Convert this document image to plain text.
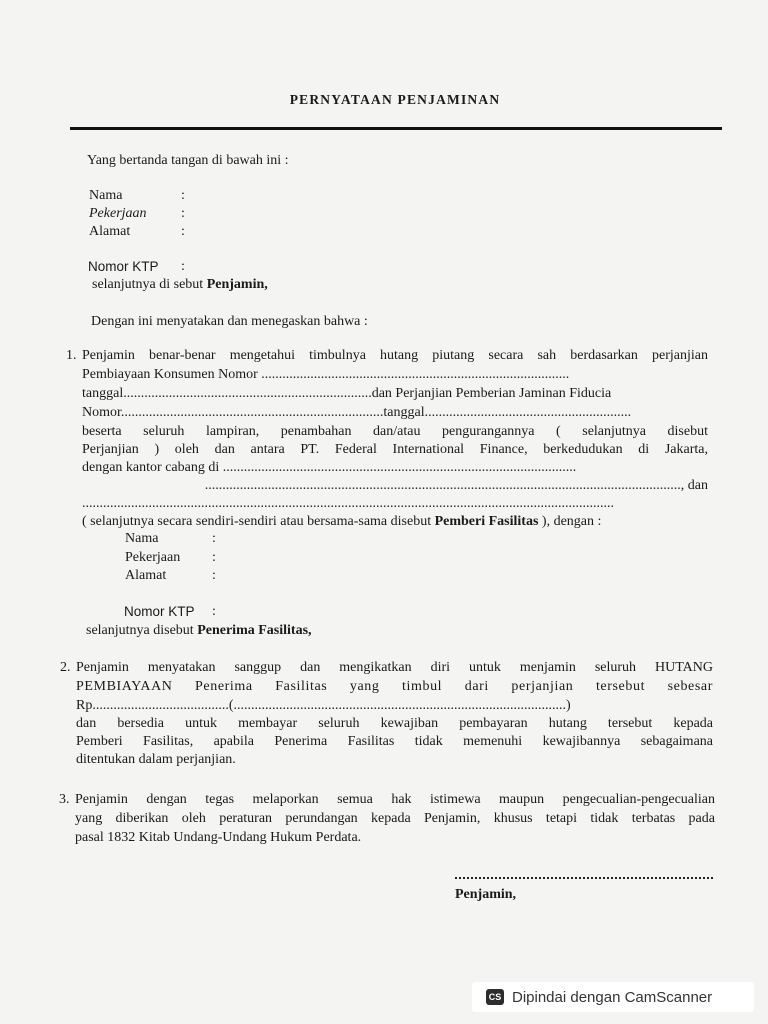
PERNYATAAN PENJAMINAN
Yang bertanda tangan di bawah ini :
Nama	:
Pekerjaan :
Alamat	:
Nomor KTP :
selanjutnya di sebut Penjamin,
Dengan ini menyatakan dan menegaskan bahwa :
1. Penjamin benar-benar mengetahui timbulnya hutang piutang secara sah berdasarkan perjanjian
Pembiayaan Konsumen Nomor ........................................................................................
tanggal.......................................................................dan Perjanjian Pemberian Jaminan Fiducia
Nomor...........................................................................tanggal...........................................................
beserta seluruh lampiran, penambahan dan/atau pengurangannya ( selanjutnya disebut
Perjanjian ) oleh dan antara PT. Federal International Finance, berkedudukan di Jakarta,
dengan kantor cabang di .....................................................................................................
........................................................................................................................................, dan
........................................................................................................................................................
( selanjutnya secara sendiri-sendiri atau bersama-sama disebut Pemberi Fasilitas ), dengan :
Nama	:
Pekerjaan :
Alamat	:
Nomor KTP :
selanjutnya disebut Penerima Fasilitas,
2. Penjamin menyatakan sanggup dan mengikatkan diri untuk menjamin seluruh HUTANG
PEMBIAYAAN Penerima Fasilitas yang timbul dari perjanjian tersebut sebesar
Rp.......................................(...............................................................................................)
dan bersedia untuk membayar seluruh kewajiban pembayaran hutang tersebut kepada
Pemberi Fasilitas, apabila Penerima Fasilitas tidak memenuhi kewajibannya sebagaimana
ditentukan dalam perjanjian.
3. Penjamin dengan tegas melaporkan semua hak istimewa maupun pengecualian-pengecualian
yang diberikan oleh peraturan perundangan kepada Penjamin, khusus tetapi tidak terbatas pada
pasal 1832 Kitab Undang-Undang Hukum Perdata.
Penjamin,
CS Dipindai dengan CamScanner
